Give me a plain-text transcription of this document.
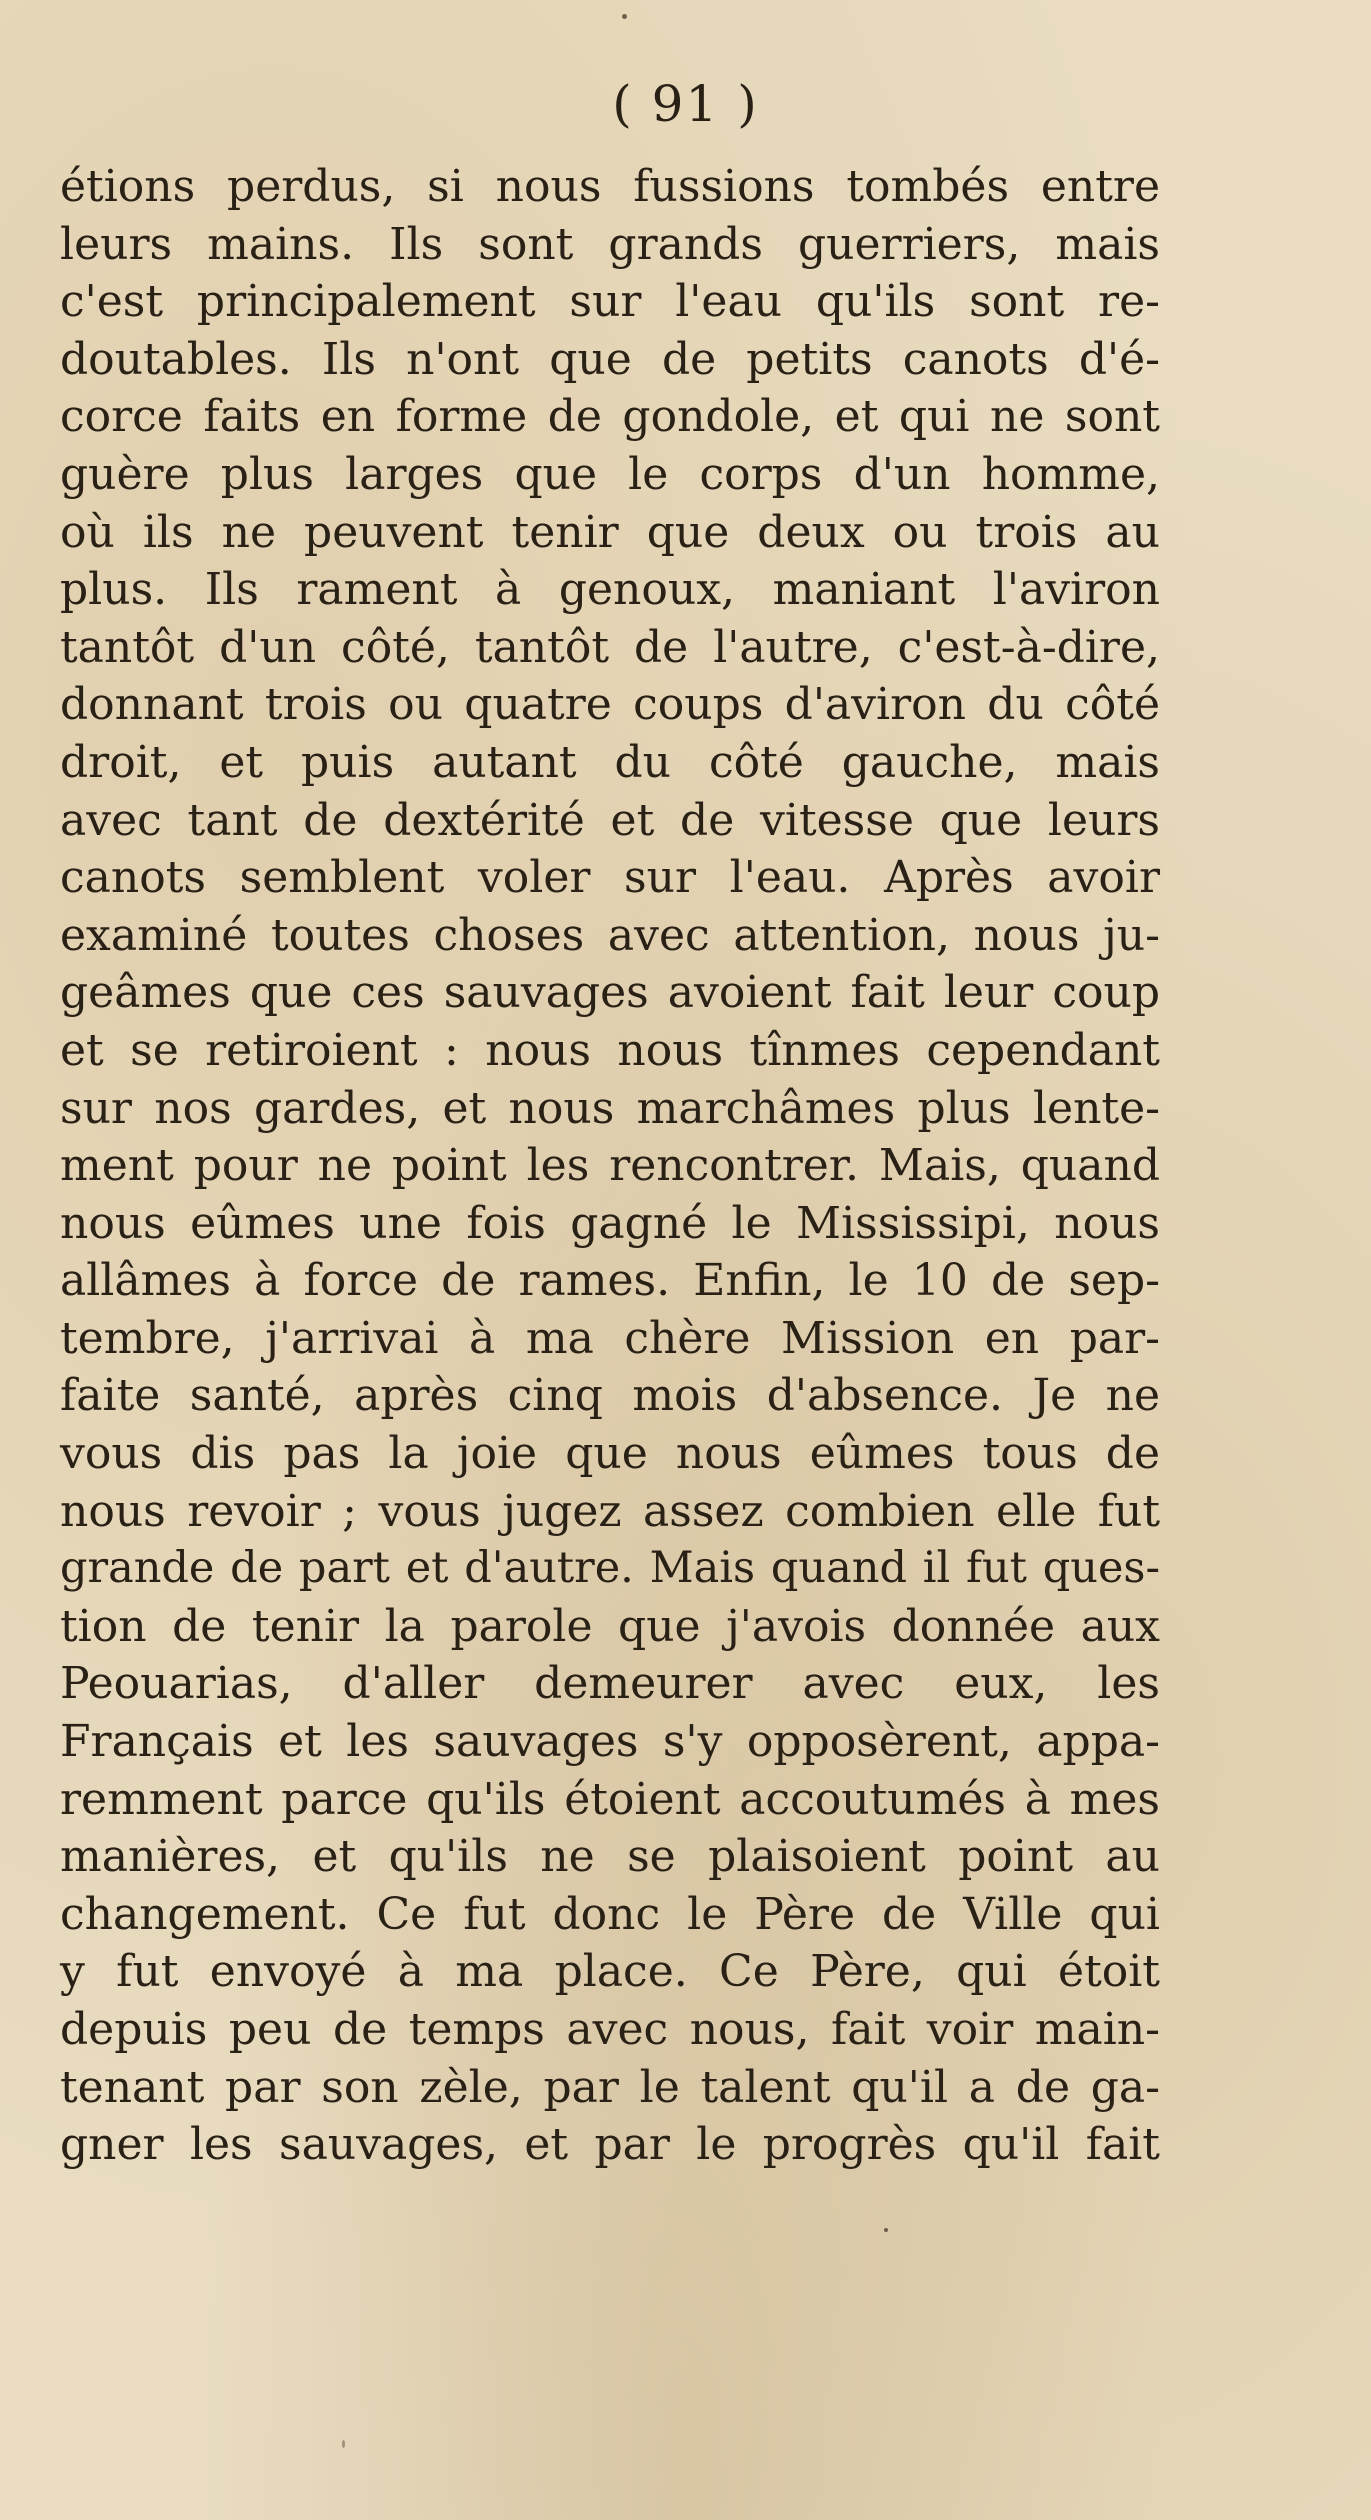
( 91 )
étions perdus, si nous fussions tombés entre
leurs mains. Ils sont grands guerriers, mais
c'est principalement sur l'eau qu'ils sont re-
doutables. Ils n'ont que de petits canots d'é-
corce faits en forme de gondole, et qui ne sont
guère plus larges que le corps d'un homme,
où ils ne peuvent tenir que deux ou trois au
plus. Ils rament à genoux, maniant l'aviron
tantôt d'un côté, tantôt de l'autre, c'est-à-dire,
donnant trois ou quatre coups d'aviron du côté
droit, et puis autant du côté gauche, mais
avec tant de dextérité et de vitesse que leurs
canots semblent voler sur l'eau. Après avoir
examiné toutes choses avec attention, nous ju-
geâmes que ces sauvages avoient fait leur coup
et se retiroient : nous nous tînmes cependant
sur nos gardes, et nous marchâmes plus lente-
ment pour ne point les rencontrer. Mais, quand
nous eûmes une fois gagné le Mississipi, nous
allâmes à force de rames. Enfin, le 10 de sep-
tembre, j'arrivai à ma chère Mission en par-
faite santé, après cinq mois d'absence. Je ne
vous dis pas la joie que nous eûmes tous de
nous revoir ; vous jugez assez combien elle fut
grande de part et d'autre. Mais quand il fut ques-
tion de tenir la parole que j'avois donnée aux
Peouarias, d'aller demeurer avec eux, les
Français et les sauvages s'y opposèrent, appa-
remment parce qu'ils étoient accoutumés à mes
manières, et qu'ils ne se plaisoient point au
changement. Ce fut donc le Père de Ville qui
y fut envoyé à ma place. Ce Père, qui étoit
depuis peu de temps avec nous, fait voir main-
tenant par son zèle, par le talent qu'il a de ga-
gner les sauvages, et par le progrès qu'il fait
